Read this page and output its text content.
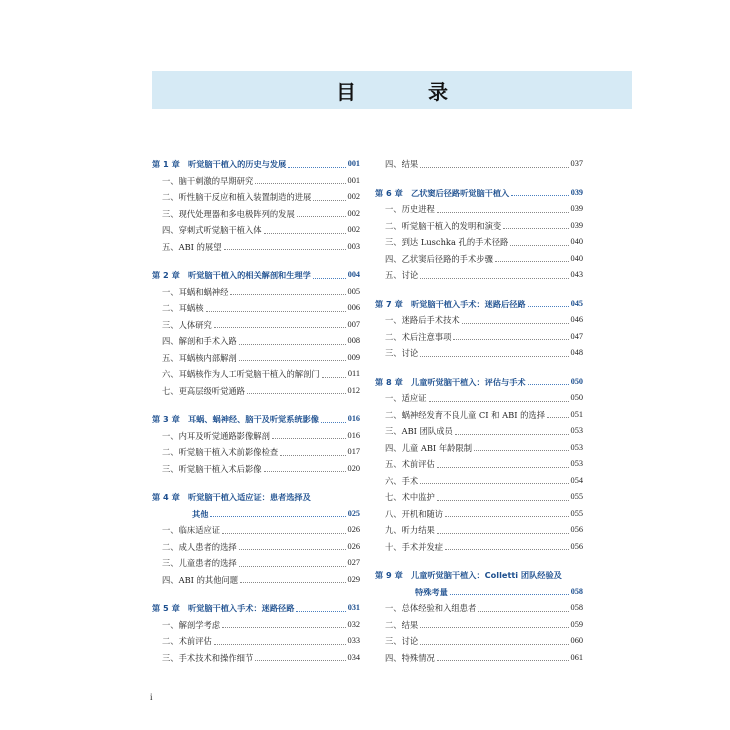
目　录
第 1 章　听觉脑干植入的历史与发展	001
一、脑干刺激的早期研究	001
二、听性脑干反应和植入装置制造的进展	002
三、现代处理器和多电极阵列的发展	002
四、穿刺式听觉脑干植入体	002
五、ABI 的展望	003
第 2 章　听觉脑干植入的相关解剖和生理学	004
一、耳蜗和蜗神经	005
二、耳蜗核	006
三、人体研究	007
四、解剖和手术入路	008
五、耳蜗核内部解剖	009
六、耳蜗核作为人工听觉脑干植入的解剖门	011
七、更高层级听觉通路	012
第 3 章　耳蜗、蜗神经、脑干及听觉系统影像	016
一、内耳及听觉通路影像解剖	016
二、听觉脑干植入术前影像检查	017
三、听觉脑干植入术后影像	020
第 4 章　听觉脑干植入适应证：患者选择及
其他	025
一、临床适应证	026
二、成人患者的选择	026
三、儿童患者的选择	027
四、ABI 的其他问题	029
第 5 章　听觉脑干植入手术：迷路径路	031
一、解剖学考虑	032
二、术前评估	033
三、手术技术和操作细节	034
四、结果	037
第 6 章　乙状窦后径路听觉脑干植入	039
一、历史进程	039
二、听觉脑干植入的发明和演变	039
三、到达 Luschka 孔的手术径路	040
四、乙状窦后径路的手术步骤	040
五、讨论	043
第 7 章　听觉脑干植入手术：迷路后径路	045
一、迷路后手术技术	046
二、术后注意事项	047
三、讨论	048
第 8 章　儿童听觉脑干植入：评估与手术	050
一、适应证	050
二、蜗神经发育不良儿童 CI 和 ABI 的选择	051
三、ABI 团队成员	053
四、儿童 ABI 年龄限制	053
五、术前评估	053
六、手术	054
七、术中监护	055
八、开机和随访	055
九、听力结果	056
十、手术并发症	056
第 9 章　儿童听觉脑干植入：Colletti 团队经验及
特殊考量	058
一、总体经验和入组患者	058
二、结果	059
三、讨论	060
四、特殊情况	061
i
